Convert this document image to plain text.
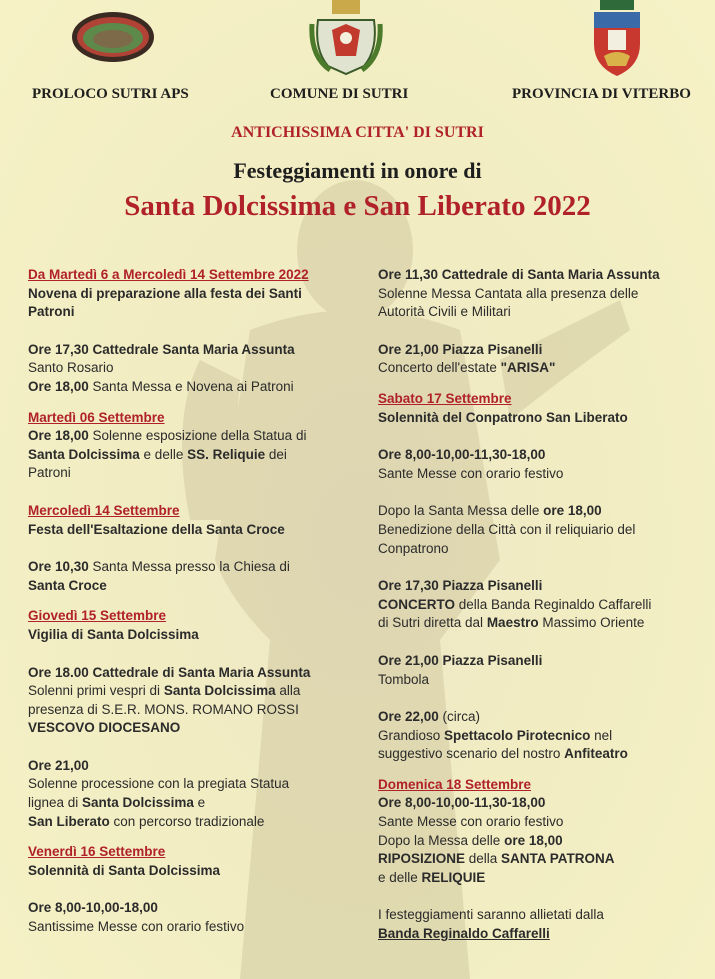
PROLOCO SUTRI APS	COMUNE DI SUTRI	PROVINCIA DI VITERBO
ANTICHISSIMA CITTA' DI SUTRI
Festeggiamenti in onore di
Santa Dolcissima e San Liberato 2022
Da Martedì 6 a Mercoledì 14 Settembre 2022
Novena di preparazione alla festa dei Santi
Patroni
Ore 17,30 Cattedrale Santa Maria Assunta
Santo Rosario
Ore 18,00 Santa Messa e Novena ai Patroni
Martedì 06 Settembre
Ore 18,00 Solenne esposizione della Statua di
Santa Dolcissima e delle SS. Reliquie dei
Patroni
Mercoledì 14 Settembre
Festa dell'Esaltazione della Santa Croce
Ore 10,30 Santa Messa presso la Chiesa di
Santa Croce
Giovedì 15 Settembre
Vigilia di Santa Dolcissima
Ore 18.00 Cattedrale di Santa Maria Assunta
Solenni primi vespri di Santa Dolcissima alla
presenza di S.E.R. MONS. ROMANO ROSSI
VESCOVO DIOCESANO
Ore 21,00
Solenne processione con la pregiata Statua
lignea di Santa Dolcissima e
San Liberato con percorso tradizionale
Venerdì 16 Settembre
Solennità di Santa Dolcissima
Ore 8,00-10,00-18,00
Santissime Messe con orario festivo
Ore 11,30 Cattedrale di Santa Maria Assunta
Solenne Messa Cantata alla presenza delle
Autorità Civili e Militari
Ore 21,00 Piazza Pisanelli
Concerto dell'estate "ARISA"
Sabato 17 Settembre
Solennità del Conpatrono San Liberato
Ore 8,00-10,00-11,30-18,00
Sante Messe con orario festivo
Dopo la Santa Messa delle ore 18,00
Benedizione della Città con il reliquiario del
Conpatrono
Ore 17,30 Piazza Pisanelli
CONCERTO della Banda Reginaldo Caffarelli
di Sutri diretta dal Maestro Massimo Oriente
Ore 21,00 Piazza Pisanelli
Tombola
Ore 22,00 (circa)
Grandioso Spettacolo Pirotecnico nel
suggestivo scenario del nostro Anfiteatro
Domenica 18 Settembre
Ore 8,00-10,00-11,30-18,00
Sante Messe con orario festivo
Dopo la Messa delle ore 18,00
RIPOSIZIONE della SANTA PATRONA
e delle RELIQUIE
I festeggiamenti saranno allietati dalla
Banda Reginaldo Caffarelli
